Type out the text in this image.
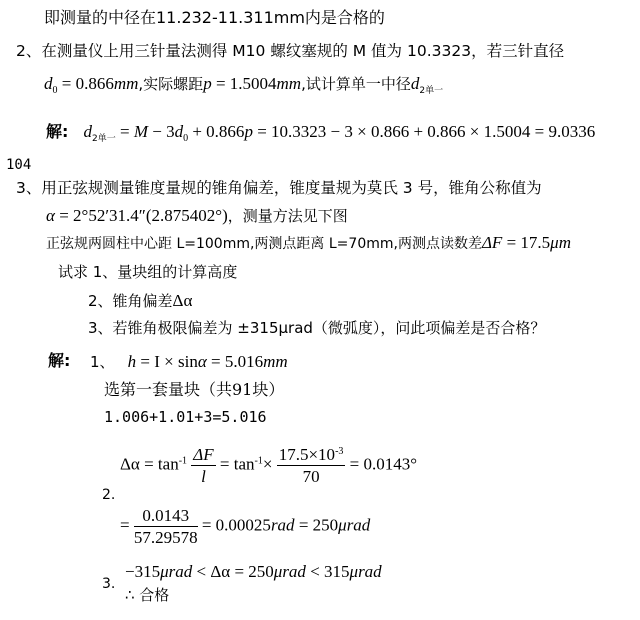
即测量的中径在11.232-11.311mm内是合格的
2、在测量仪上用三针量法测得 M10 螺纹塞规的 M 值为 10.3323，若三针直径
$d_0 = 0.866mm$,实际螺距p = 1.5004mm,试计算单一中径$d_{2单一}$
解: $d_{2单一} = M - 3d_0 + 0.866p = 10.3323 - 3 \times 0.866 + 0.866 \times 1.5004 = 9.0336$
104
3、用正弦规测量锥度量规的锥角偏差，锥度量规为莫氏 3 号，锥角公称值为
α = 2°52′31.4″(2.875402°)，测量方法见下图
正弦规两圆柱中心距 L=100mm,两测点距离 L=70mm,两测点读数差ΔF = 17.5μm
试求 1、量块组的计算高度
2、锥角偏差Δα
3、若锥角极限偏差为 ±315μrad（微弧度），问此项偏差是否合格？
解: 1、 h = I × sinα = 5.016mm
选第一套量块（共91块）
1.006+1.01+3=5.016
$\Delta\alpha = \tan^{-1} \frac{\Delta F}{l} = \tan^{-1}\times \frac{17.5\times 10^{-3}}{70} = 0.0143^\circ$
2.
= $\frac{0.0143}{57.29578} = 0.00025rad = 250\mu rad$
3.
−315μrad < Δα = 250μrad < 315μrad
∴ 合格
